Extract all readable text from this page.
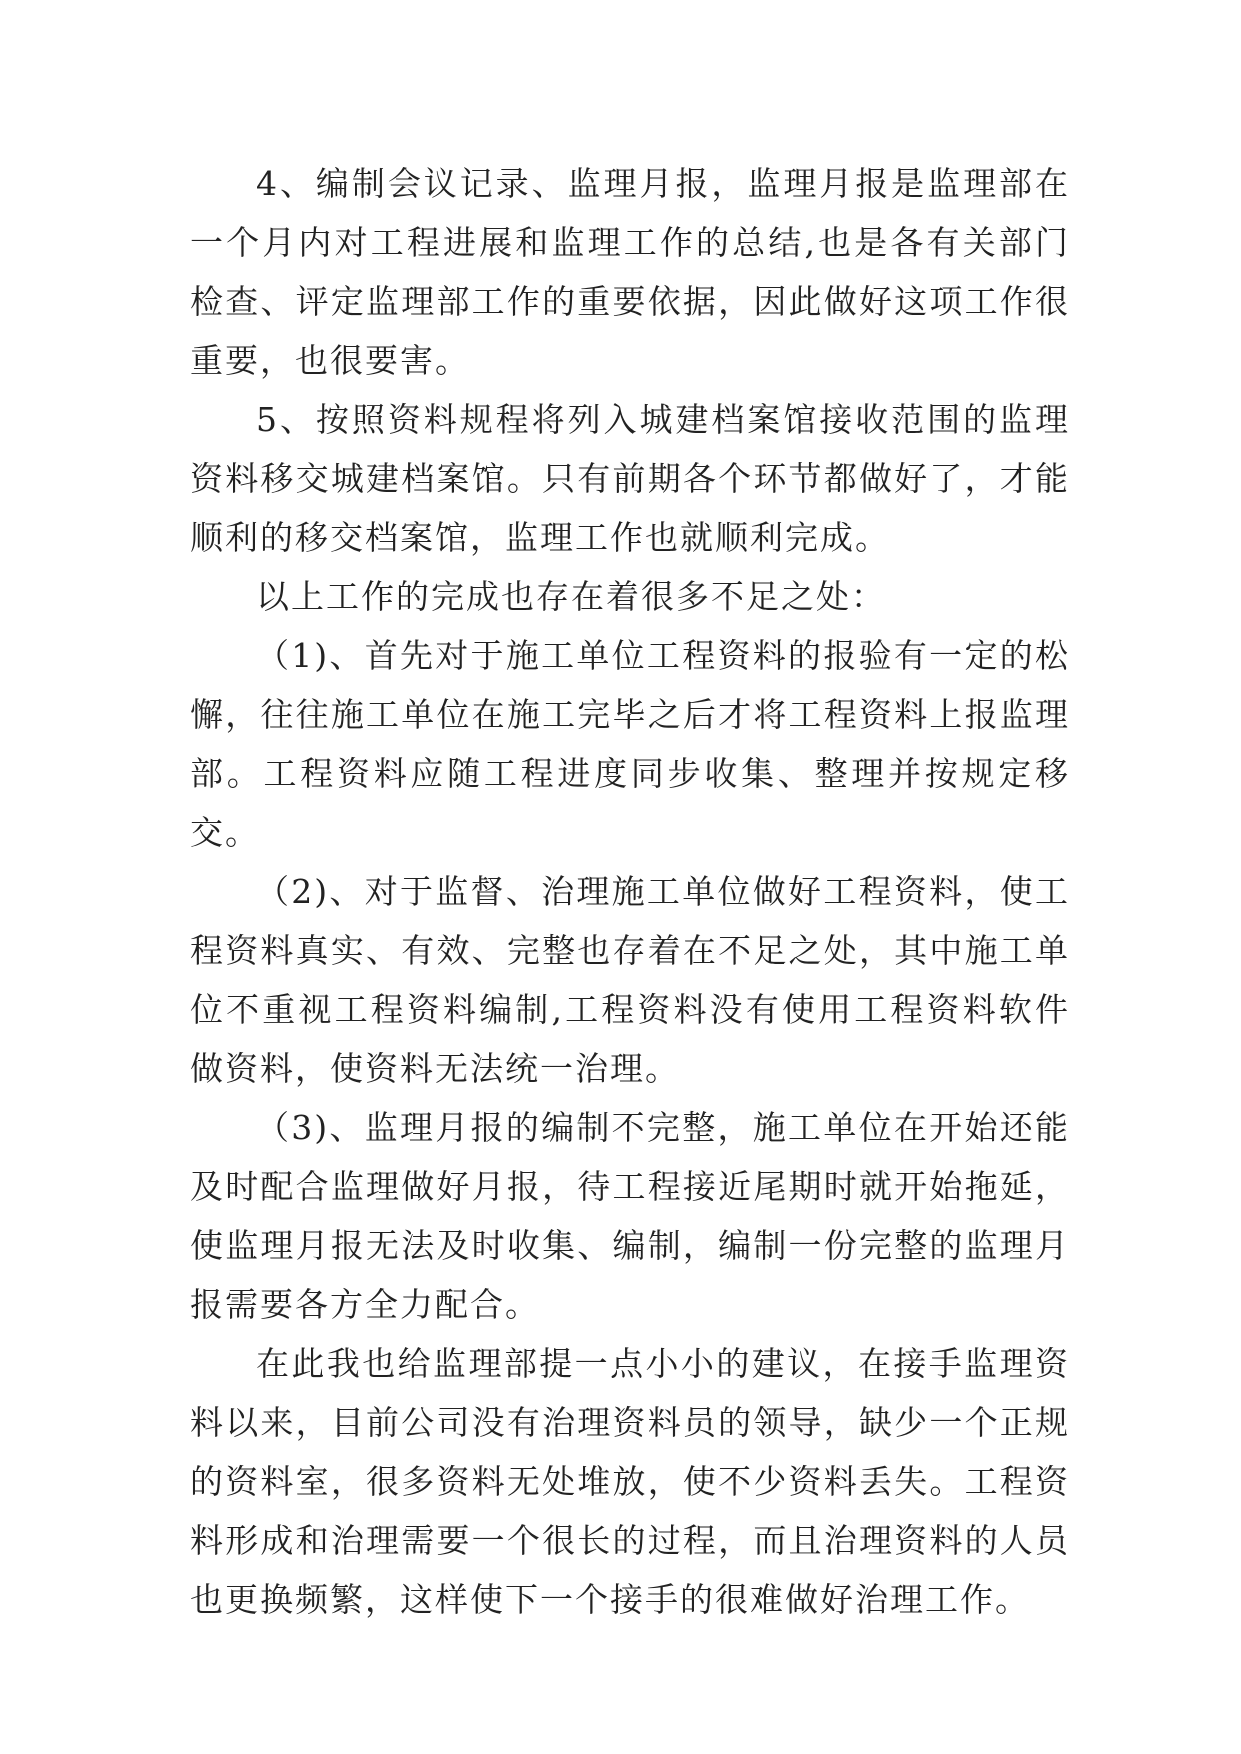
4、编制会议记录、监理月报，监理月报是监理部在一个月内对工程进展和监理工作的总结,也是各有关部门检查、评定监理部工作的重要依据，因此做好这项工作很重要，也很要害。

5、按照资料规程将列入城建档案馆接收范围的监理资料移交城建档案馆。只有前期各个环节都做好了，才能顺利的移交档案馆，监理工作也就顺利完成。

以上工作的完成也存在着很多不足之处：

（1)、首先对于施工单位工程资料的报验有一定的松懈，往往施工单位在施工完毕之后才将工程资料上报监理部。工程资料应随工程进度同步收集、整理并按规定移交。

（2)、对于监督、治理施工单位做好工程资料，使工程资料真实、有效、完整也存着在不足之处，其中施工单位不重视工程资料编制,工程资料没有使用工程资料软件做资料，使资料无法统一治理。

（3)、监理月报的编制不完整，施工单位在开始还能及时配合监理做好月报，待工程接近尾期时就开始拖延，使监理月报无法及时收集、编制，编制一份完整的监理月报需要各方全力配合。

在此我也给监理部提一点小小的建议，在接手监理资料以来，目前公司没有治理资料员的领导，缺少一个正规的资料室，很多资料无处堆放，使不少资料丢失。工程资料形成和治理需要一个很长的过程，而且治理资料的人员也更换频繁，这样使下一个接手的很难做好治理工作。
